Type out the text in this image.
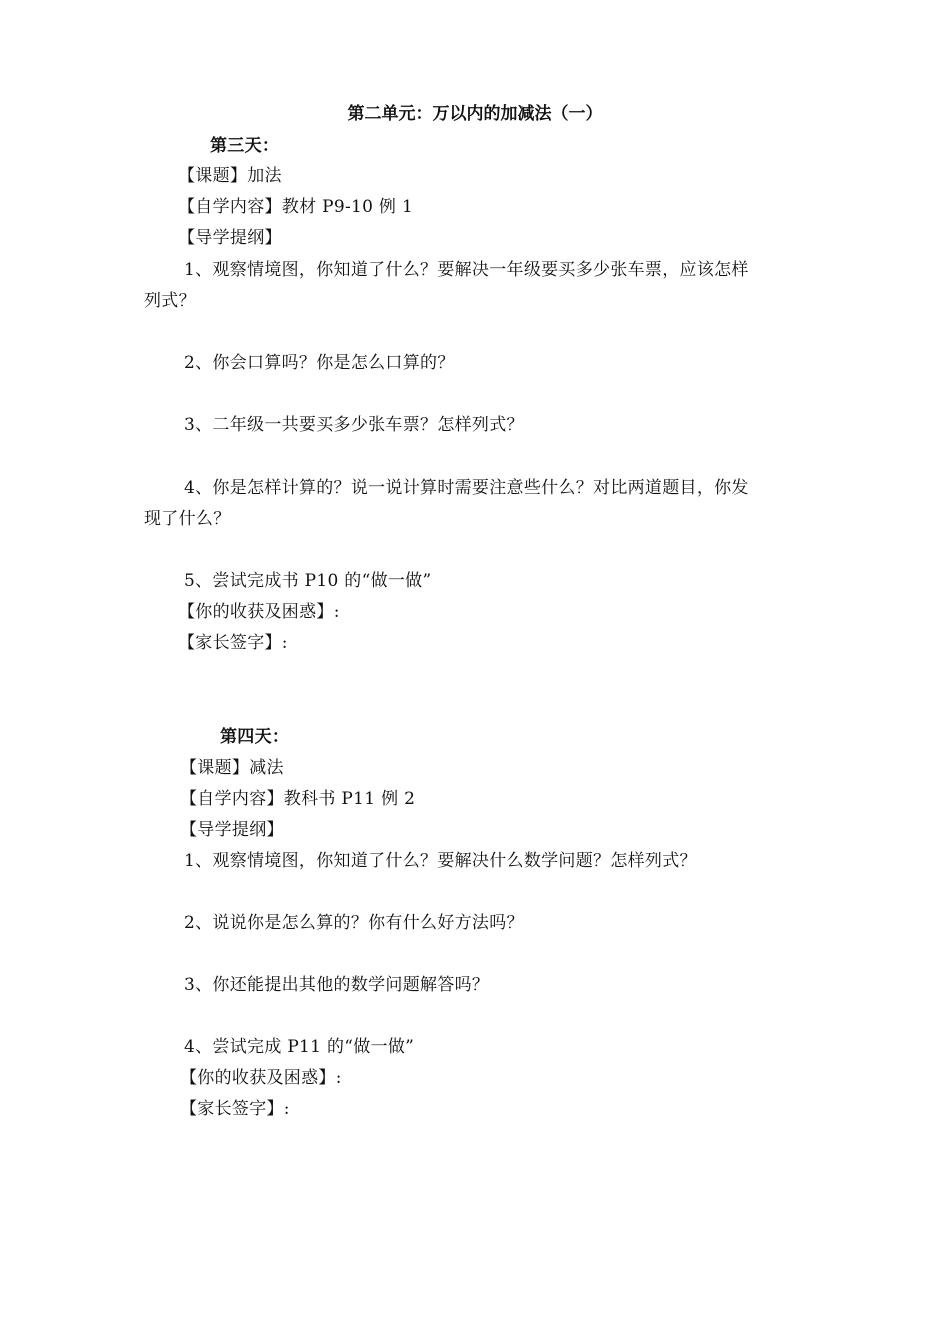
第二单元：万以内的加减法（一）
第三天：
【课题】加法
【自学内容】教材 P9-10 例 1
【导学提纲】
1、观察情境图，你知道了什么？要解决一年级要买多少张车票，应该怎样
列式？
2、你会口算吗？你是怎么口算的？
3、二年级一共要买多少张车票？怎样列式？
4、你是怎样计算的？说一说计算时需要注意些什么？对比两道题目，你发
现了什么？
5、尝试完成书 P10 的“做一做”
【你的收获及困惑】:
【家长签字】:
第四天：
【课题】减法
【自学内容】教科书 P11 例 2
【导学提纲】
1、观察情境图，你知道了什么？要解决什么数学问题？怎样列式？
2、说说你是怎么算的？你有什么好方法吗？
3、你还能提出其他的数学问题解答吗？
4、尝试完成 P11 的“做一做”
【你的收获及困惑】:
【家长签字】:
